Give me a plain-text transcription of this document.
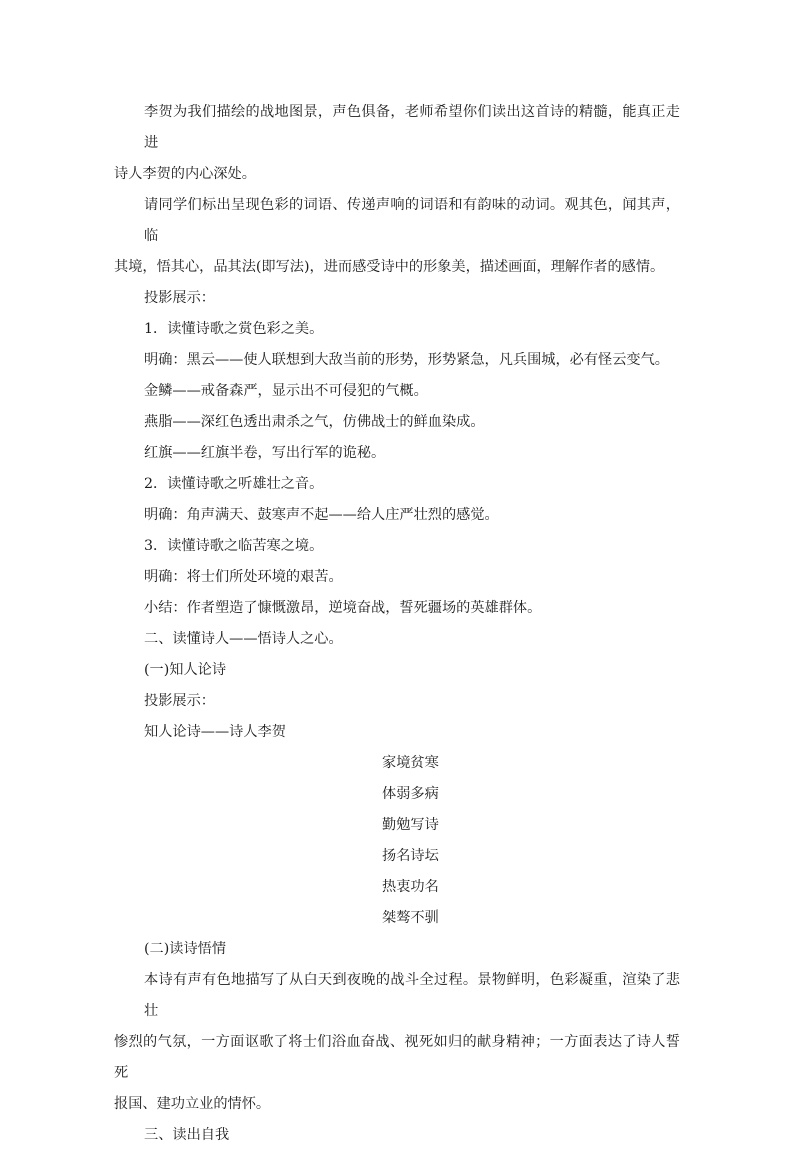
李贺为我们描绘的战地图景，声色俱备，老师希望你们读出这首诗的精髓，能真正走进

诗人李贺的内心深处。

请同学们标出呈现色彩的词语、传递声响的词语和有韵味的动词。观其色，闻其声，临

其境，悟其心，品其法(即写法)，进而感受诗中的形象美，描述画面，理解作者的感情。

投影展示：

1．读懂诗歌之赏色彩之美。

明确：黑云——使人联想到大敌当前的形势，形势紧急，凡兵围城，必有怪云变气。

金鳞——戒备森严，显示出不可侵犯的气概。

燕脂——深红色透出肃杀之气，仿佛战士的鲜血染成。

红旗——红旗半卷，写出行军的诡秘。

2．读懂诗歌之听雄壮之音。

明确：角声满天、鼓寒声不起——给人庄严壮烈的感觉。

3．读懂诗歌之临苦寒之境。

明确：将士们所处环境的艰苦。

小结：作者塑造了慷慨激昂，逆境奋战，誓死疆场的英雄群体。

二、读懂诗人——悟诗人之心。

(一)知人论诗

投影展示：

知人论诗——诗人李贺

家境贫寒

体弱多病

勤勉写诗

扬名诗坛

热衷功名

桀骜不驯

(二)读诗悟情

本诗有声有色地描写了从白天到夜晚的战斗全过程。景物鲜明，色彩凝重，渲染了悲壮

惨烈的气氛，一方面讴歌了将士们浴血奋战、视死如归的献身精神；一方面表达了诗人誓死

报国、建功立业的情怀。

三、读出自我
